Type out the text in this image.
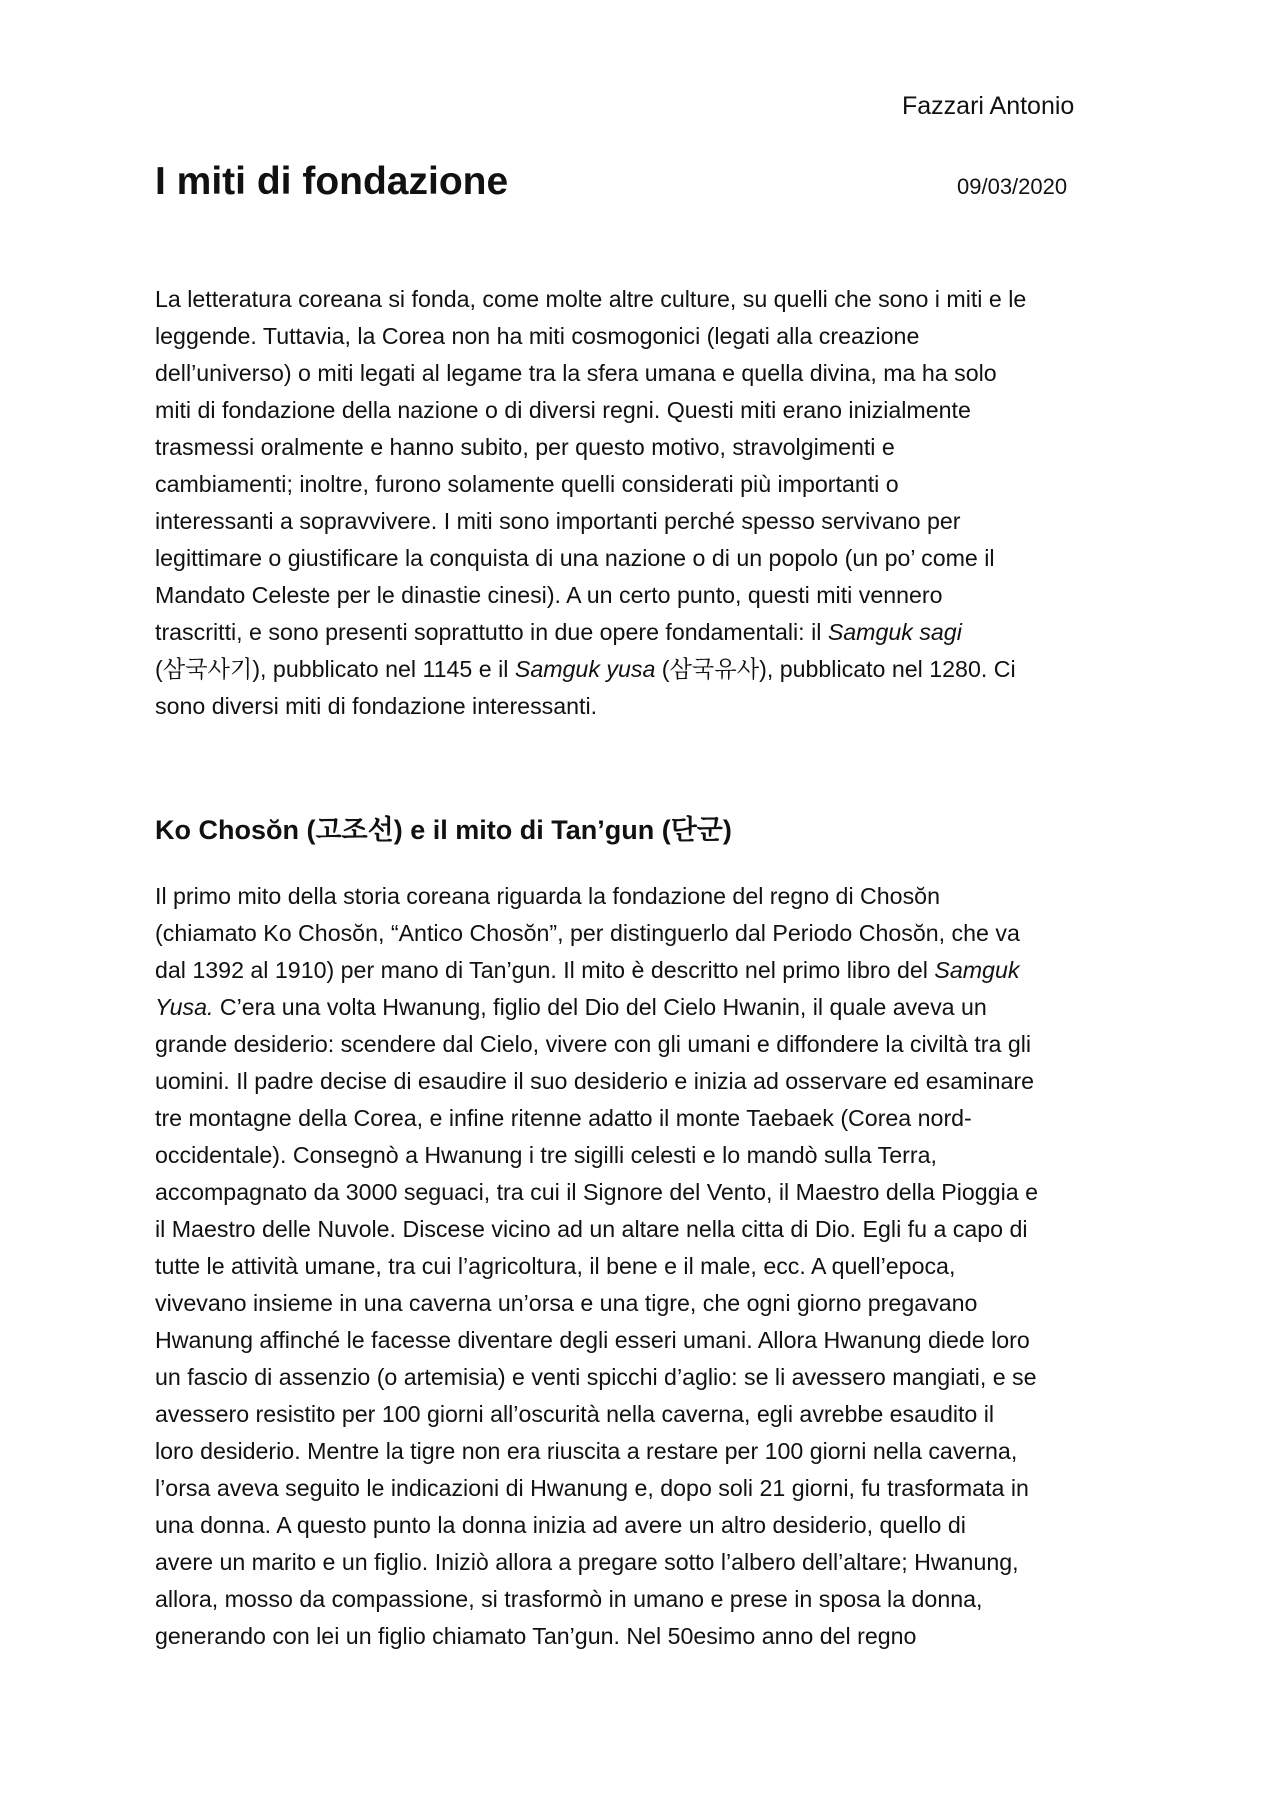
Fazzari Antonio
I miti di fondazione	09/03/2020
La letteratura coreana si fonda, come molte altre culture, su quelli che sono i miti e le
leggende. Tuttavia, la Corea non ha miti cosmogonici (legati alla creazione
dell’universo) o miti legati al legame tra la sfera umana e quella divina, ma ha solo
miti di fondazione della nazione o di diversi regni. Questi miti erano inizialmente
trasmessi oralmente e hanno subito, per questo motivo, stravolgimenti e
cambiamenti; inoltre, furono solamente quelli considerati più importanti o
interessanti a sopravvivere. I miti sono importanti perché spesso servivano per
legittimare o giustificare la conquista di una nazione o di un popolo (un po’ come il
Mandato Celeste per le dinastie cinesi). A un certo punto, questi miti vennero
trascritti, e sono presenti soprattutto in due opere fondamentali: il Samguk sagi
(삼국사기), pubblicato nel 1145 e il Samguk yusa (삼국유사), pubblicato nel 1280. Ci
sono diversi miti di fondazione interessanti.
Ko Chosŏn (고조선) e il mito di Tan’gun (단군)
Il primo mito della storia coreana riguarda la fondazione del regno di Chosŏn
(chiamato Ko Chosŏn, “Antico Chosŏn”, per distinguerlo dal Periodo Chosŏn, che va
dal 1392 al 1910) per mano di Tan’gun. Il mito è descritto nel primo libro del Samguk
Yusa. C’era una volta Hwanung, figlio del Dio del Cielo Hwanin, il quale aveva un
grande desiderio: scendere dal Cielo, vivere con gli umani e diffondere la civiltà tra gli
uomini. Il padre decise di esaudire il suo desiderio e inizia ad osservare ed esaminare
tre montagne della Corea, e infine ritenne adatto il monte Taebaek (Corea nord-
occidentale). Consegnò a Hwanung i tre sigilli celesti e lo mandò sulla Terra,
accompagnato da 3000 seguaci, tra cui il Signore del Vento, il Maestro della Pioggia e
il Maestro delle Nuvole. Discese vicino ad un altare nella citta di Dio. Egli fu a capo di
tutte le attività umane, tra cui l’agricoltura, il bene e il male, ecc. A quell’epoca,
vivevano insieme in una caverna un’orsa e una tigre, che ogni giorno pregavano
Hwanung affinché le facesse diventare degli esseri umani. Allora Hwanung diede loro
un fascio di assenzio (o artemisia) e venti spicchi d’aglio: se li avessero mangiati, e se
avessero resistito per 100 giorni all’oscurità nella caverna, egli avrebbe esaudito il
loro desiderio. Mentre la tigre non era riuscita a restare per 100 giorni nella caverna,
l’orsa aveva seguito le indicazioni di Hwanung e, dopo soli 21 giorni, fu trasformata in
una donna. A questo punto la donna inizia ad avere un altro desiderio, quello di
avere un marito e un figlio. Iniziò allora a pregare sotto l’albero dell’altare; Hwanung,
allora, mosso da compassione, si trasformò in umano e prese in sposa la donna,
generando con lei un figlio chiamato Tan’gun. Nel 50esimo anno del regno
